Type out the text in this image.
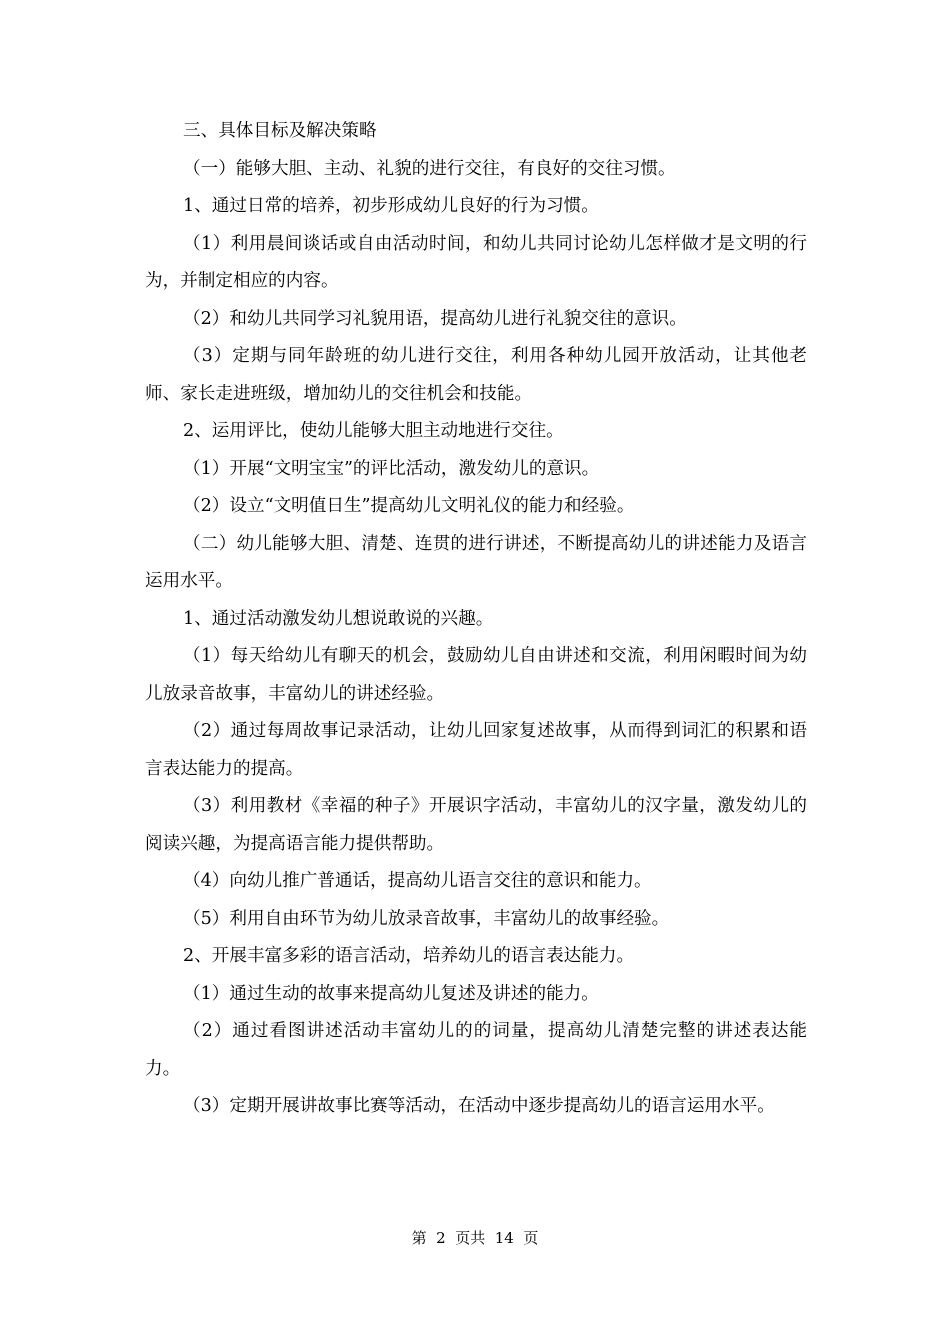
三、具体目标及解决策略

（一）能够大胆、主动、礼貌的进行交往，有良好的交往习惯。

1、通过日常的培养，初步形成幼儿良好的行为习惯。

（1）利用晨间谈话或自由活动时间，和幼儿共同讨论幼儿怎样做才是文明的行为，并制定相应的内容。

（2）和幼儿共同学习礼貌用语，提高幼儿进行礼貌交往的意识。

（3）定期与同年龄班的幼儿进行交往，利用各种幼儿园开放活动，让其他老师、家长走进班级，增加幼儿的交往机会和技能。

2、运用评比，使幼儿能够大胆主动地进行交往。

（1）开展“文明宝宝”的评比活动，激发幼儿的意识。

（2）设立“文明值日生”提高幼儿文明礼仪的能力和经验。

（二）幼儿能够大胆、清楚、连贯的进行讲述，不断提高幼儿的讲述能力及语言运用水平。

1、通过活动激发幼儿想说敢说的兴趣。

（1）每天给幼儿有聊天的机会，鼓励幼儿自由讲述和交流，利用闲暇时间为幼儿放录音故事，丰富幼儿的讲述经验。

（2）通过每周故事记录活动，让幼儿回家复述故事，从而得到词汇的积累和语言表达能力的提高。

（3）利用教材《幸福的种子》开展识字活动，丰富幼儿的汉字量，激发幼儿的阅读兴趣，为提高语言能力提供帮助。

（4）向幼儿推广普通话，提高幼儿语言交往的意识和能力。

（5）利用自由环节为幼儿放录音故事，丰富幼儿的故事经验。

2、开展丰富多彩的语言活动，培养幼儿的语言表达能力。

（1）通过生动的故事来提高幼儿复述及讲述的能力。

（2）通过看图讲述活动丰富幼儿的的词量，提高幼儿清楚完整的讲述表达能力。

（3）定期开展讲故事比赛等活动，在活动中逐步提高幼儿的语言运用水平。

第  2  页共  14  页
